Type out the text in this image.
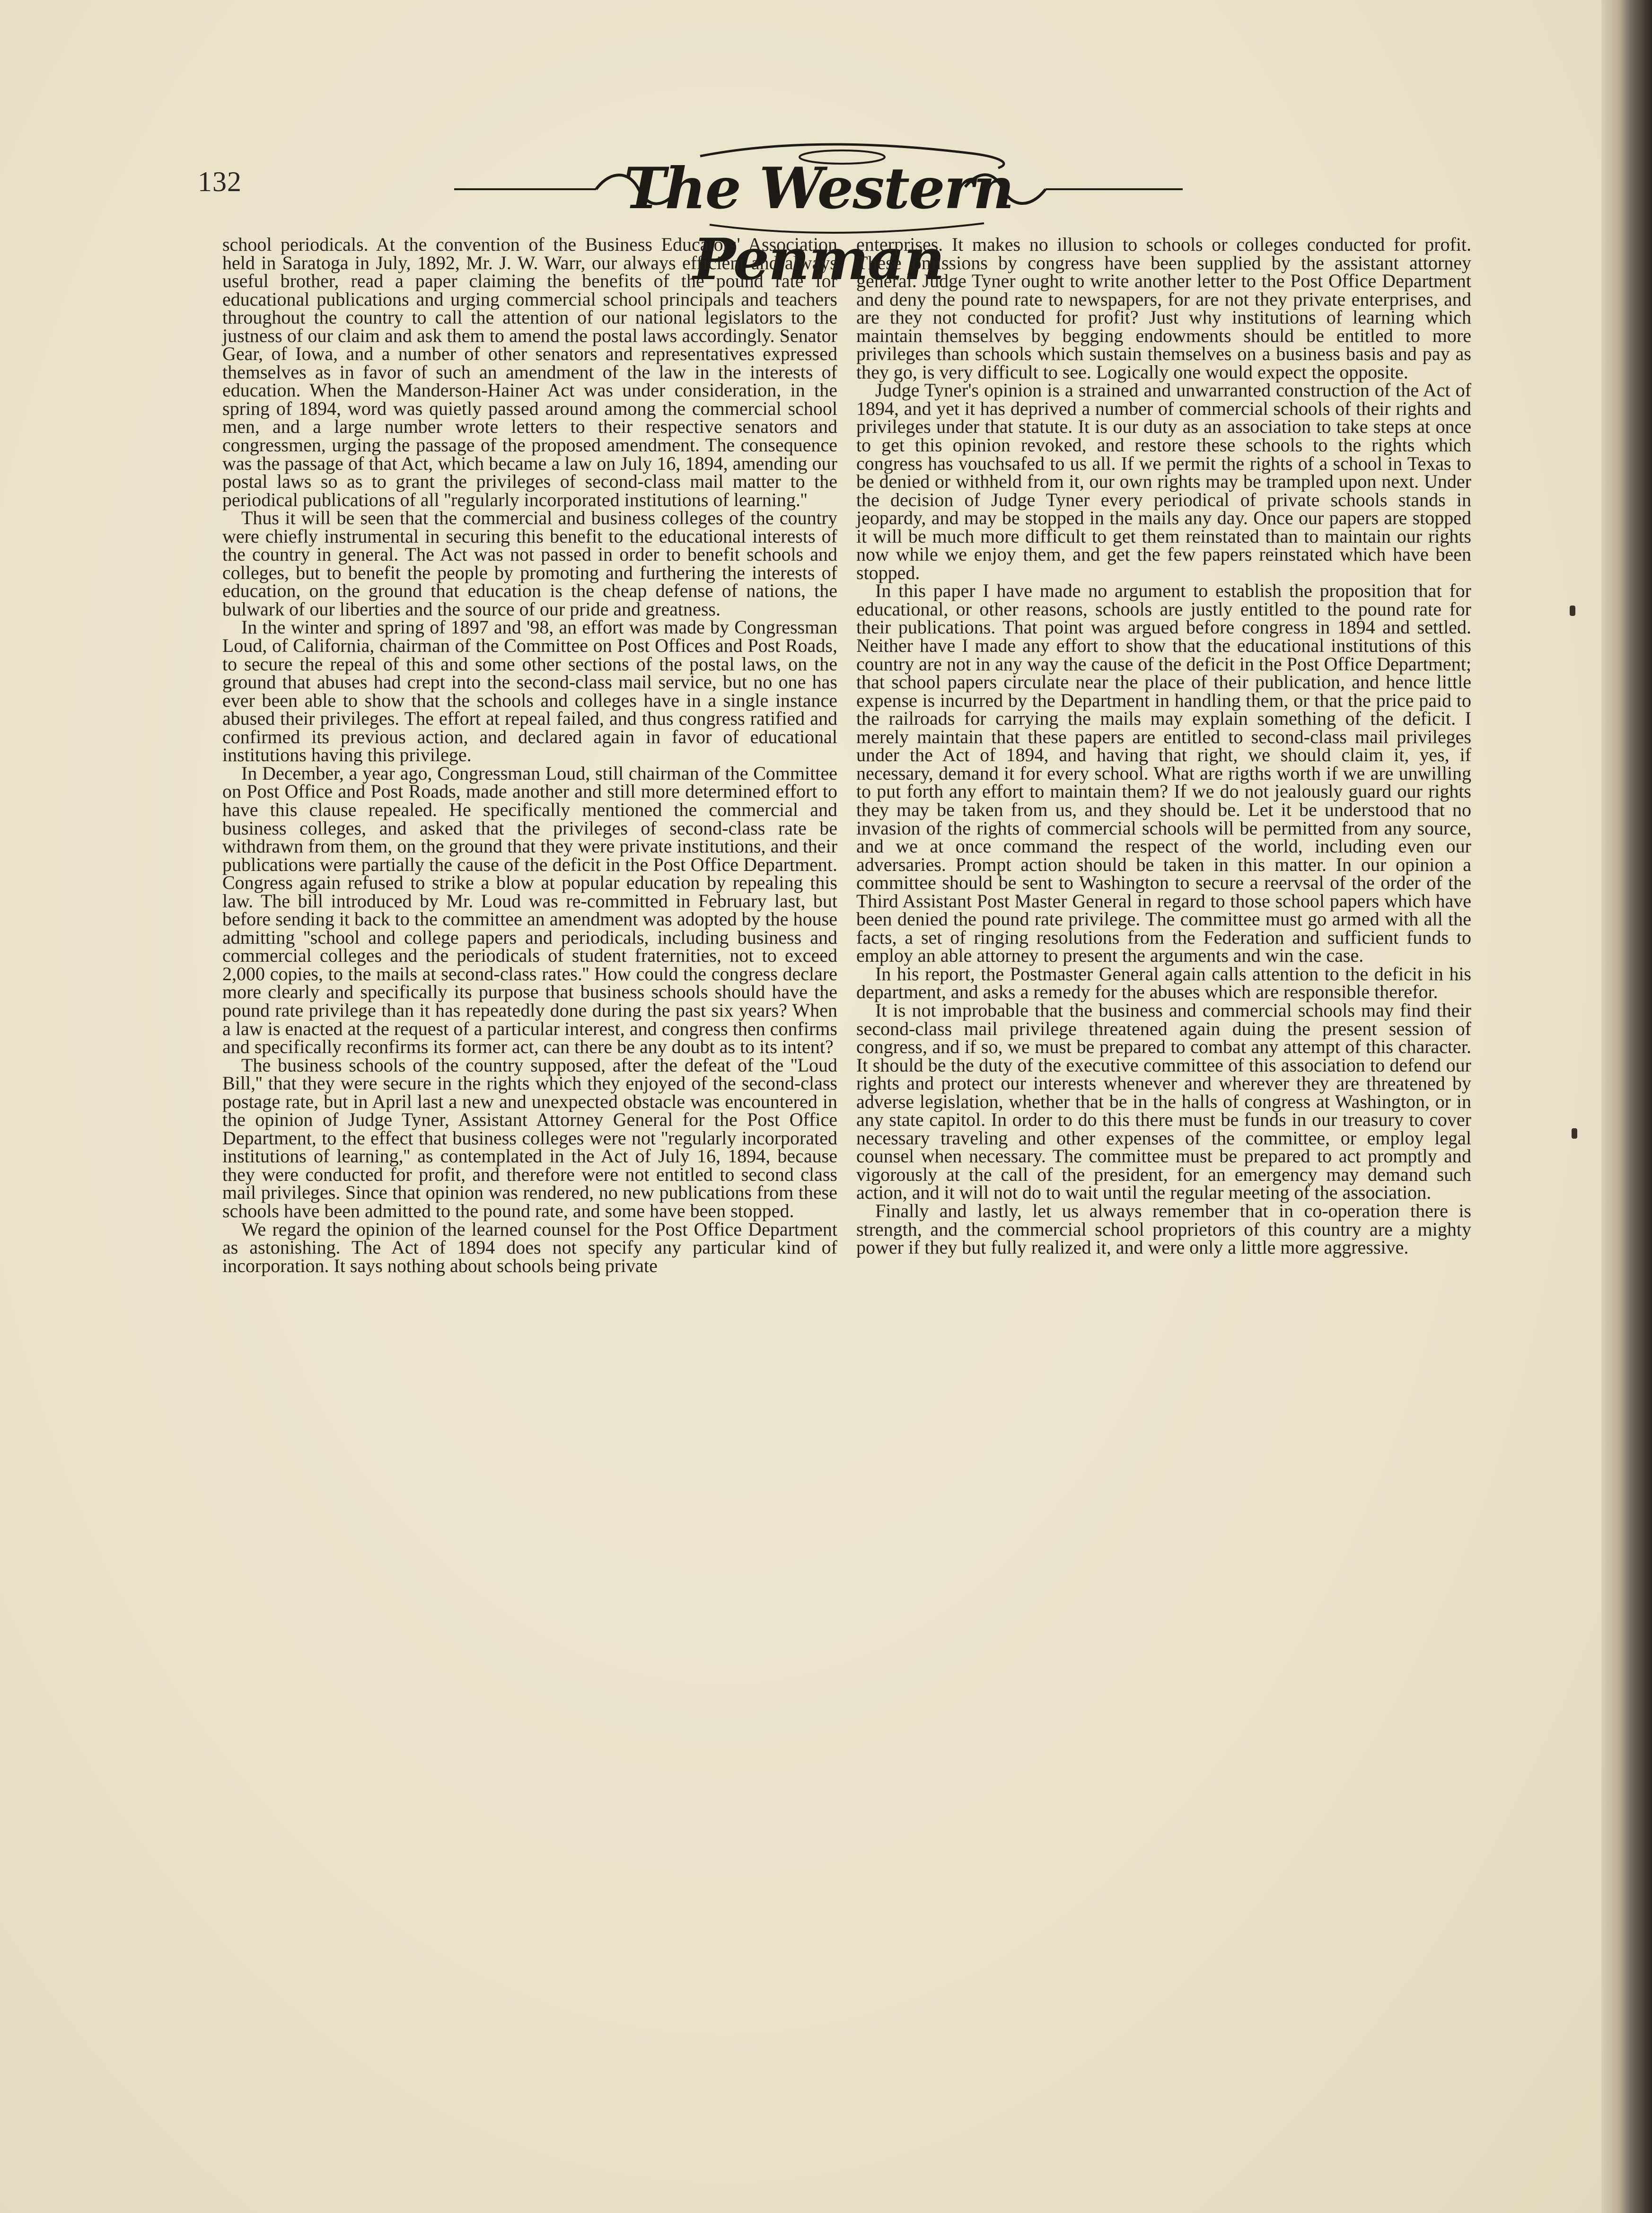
132	The Western Penman

school periodicals. At the convention of the Business Educators' Association held in Saratoga in July, 1892, Mr. J. W. Warr, our always efficient and always useful brother, read a paper claiming the benefits of the pound rate for educational publications and urging commercial school principals and teachers throughout the country to call the attention of our national legislators to the justness of our claim and ask them to amend the postal laws accordingly. Senator Gear, of Iowa, and a number of other senators and representatives expressed themselves as in favor of such an amendment of the law in the interests of education. When the Manderson-Hainer Act was under consideration, in the spring of 1894, word was quietly passed around among the commercial school men, and a large number wrote letters to their respective senators and congressmen, urging the passage of the proposed amendment. The consequence was the passage of that Act, which became a law on July 16, 1894, amending our postal laws so as to grant the privileges of second-class mail matter to the periodical publications of all ''regularly incorporated institutions of learning.''

Thus it will be seen that the commercial and business colleges of the country were chiefly instrumental in securing this benefit to the educational interests of the country in general. The Act was not passed in order to benefit schools and colleges, but to benefit the people by promoting and furthering the interests of education, on the ground that education is the cheap defense of nations, the bulwark of our liberties and the source of our pride and greatness.

In the winter and spring of 1897 and '98, an effort was made by Congressman Loud, of California, chairman of the Committee on Post Offices and Post Roads, to secure the repeal of this and some other sections of the postal laws, on the ground that abuses had crept into the second-class mail service, but no one has ever been able to show that the schools and colleges have in a single instance abused their privileges. The effort at repeal failed, and thus congress ratified and confirmed its previous action, and declared again in favor of educational institutions having this privilege.

In December, a year ago, Congressman Loud, still chairman of the Committee on Post Office and Post Roads, made another and still more determined effort to have this clause repealed. He specifically mentioned the commercial and business colleges, and asked that the privileges of second-class rate be withdrawn from them, on the ground that they were private institutions, and their publications were partially the cause of the deficit in the Post Office Department. Congress again refused to strike a blow at popular education by repealing this law. The bill introduced by Mr. Loud was re-committed in February last, but before sending it back to the committee an amendment was adopted by the house admitting ''school and college papers and periodicals, including business and commercial colleges and the periodicals of student fraternities, not to exceed 2,000 copies, to the mails at second-class rates.'' How could the congress declare more clearly and specifically its purpose that business schools should have the pound rate privilege than it has repeatedly done during the past six years? When a law is enacted at the request of a particular interest, and congress then confirms and specifically reconfirms its former act, can there be any doubt as to its intent?

The business schools of the country supposed, after the defeat of the ''Loud Bill,'' that they were secure in the rights which they enjoyed of the second-class postage rate, but in April last a new and unexpected obstacle was encountered in the opinion of Judge Tyner, Assistant Attorney General for the Post Office Department, to the effect that business colleges were not ''regularly incorporated institutions of learning,'' as contemplated in the Act of July 16, 1894, because they were conducted for profit, and therefore were not entitled to second class mail privileges. Since that opinion was rendered, no new publications from these schools have been admitted to the pound rate, and some have been stopped.

We regard the opinion of the learned counsel for the Post Office Department as astonishing. The Act of 1894 does not specify any particular kind of incorporation. It says nothing about schools being private

enterprises. It makes no illusion to schools or colleges conducted for profit. These omissions by congress have been supplied by the assistant attorney general. Judge Tyner ought to write another letter to the Post Office Department and deny the pound rate to newspapers, for are not they private enterprises, and are they not conducted for profit? Just why institutions of learning which maintain themselves by begging endowments should be entitled to more privileges than schools which sustain themselves on a business basis and pay as they go, is very difficult to see. Logically one would expect the opposite.

Judge Tyner's opinion is a strained and unwarranted construction of the Act of 1894, and yet it has deprived a number of commercial schools of their rights and privileges under that statute. It is our duty as an association to take steps at once to get this opinion revoked, and restore these schools to the rights which congress has vouchsafed to us all. If we permit the rights of a school in Texas to be denied or withheld from it, our own rights may be trampled upon next. Under the decision of Judge Tyner every periodical of private schools stands in jeopardy, and may be stopped in the mails any day. Once our papers are stopped it will be much more difficult to get them reinstated than to maintain our rights now while we enjoy them, and get the few papers reinstated which have been stopped.

In this paper I have made no argument to establish the proposition that for educational, or other reasons, schools are justly entitled to the pound rate for their publications. That point was argued before congress in 1894 and settled. Neither have I made any effort to show that the educational institutions of this country are not in any way the cause of the deficit in the Post Office Department; that school papers circulate near the place of their publication, and hence little expense is incurred by the Department in handling them, or that the price paid to the railroads for carrying the mails may explain something of the deficit. I merely maintain that these papers are entitled to second-class mail privileges under the Act of 1894, and having that right, we should claim it, yes, if necessary, demand it for every school. What are rigths worth if we are unwilling to put forth any effort to maintain them? If we do not jealously guard our rights they may be taken from us, and they should be. Let it be understood that no invasion of the rights of commercial schools will be permitted from any source, and we at once command the respect of the world, including even our adversaries. Prompt action should be taken in this matter. In our opinion a committee should be sent to Washington to secure a reervsal of the order of the Third Assistant Post Master General in regard to those school papers which have been denied the pound rate privilege. The committee must go armed with all the facts, a set of ringing resolutions from the Federation and sufficient funds to employ an able attorney to present the arguments and win the case.

In his report, the Postmaster General again calls attention to the deficit in his department, and asks a remedy for the abuses which are responsible therefor.

It is not improbable that the business and commercial schools may find their second-class mail privilege threatened again duing the present session of congress, and if so, we must be prepared to combat any attempt of this character. It should be the duty of the executive committee of this association to defend our rights and protect our interests whenever and wherever they are threatened by adverse legislation, whether that be in the halls of congress at Washington, or in any state capitol. In order to do this there must be funds in our treasury to cover necessary traveling and other expenses of the committee, or employ legal counsel when necessary. The committee must be prepared to act promptly and vigorously at the call of the president, for an emergency may demand such action, and it will not do to wait until the regular meeting of the association.

Finally and lastly, let us always remember that in co-operation there is strength, and the commercial school proprietors of this country are a mighty power if they but fully realized it, and were only a little more aggressive.
